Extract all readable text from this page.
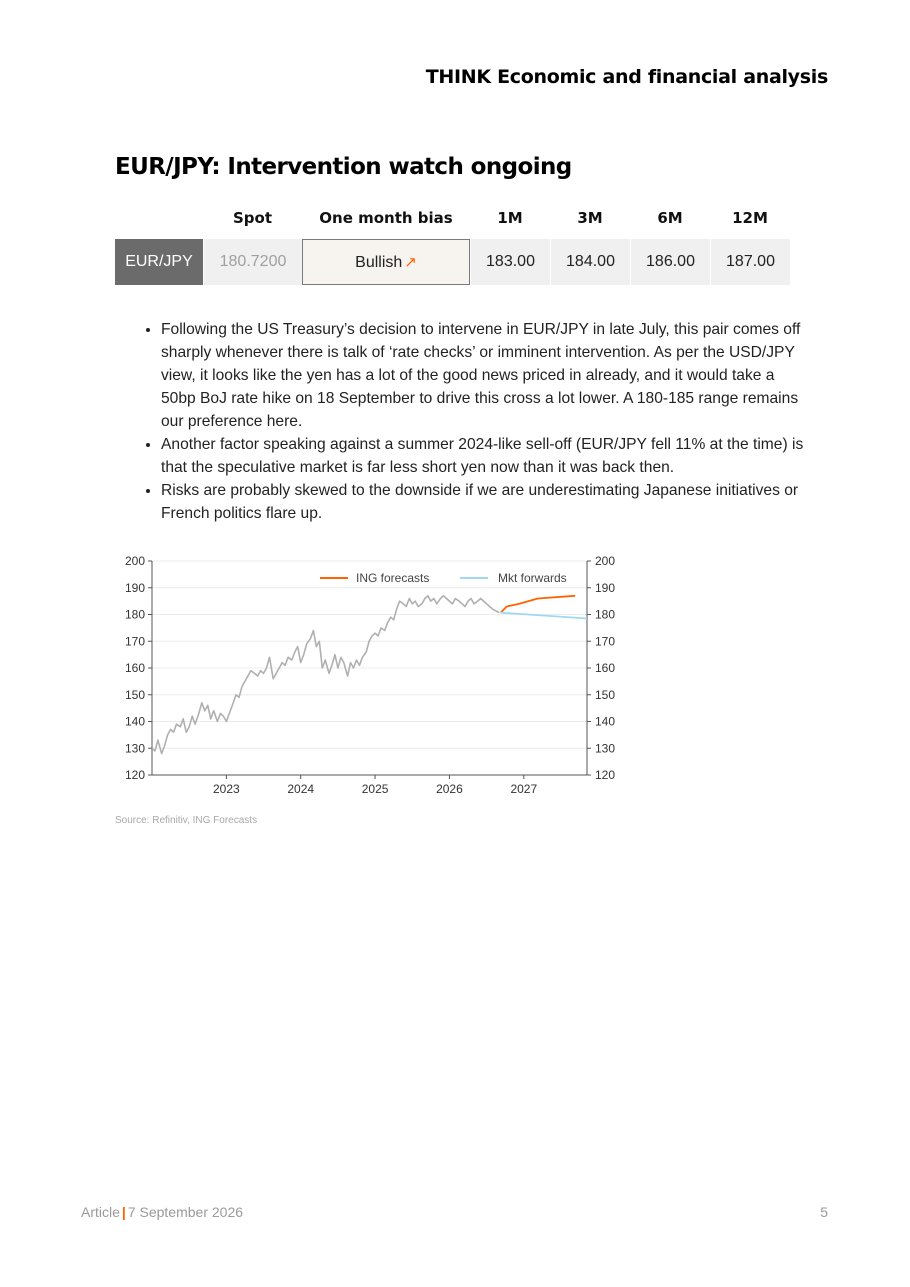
THINK Economic and financial analysis
EUR/JPY: Intervention watch ongoing
	Spot	One month bias	1M	3M	6M	12M
EUR/JPY	180.7200	Bullish ↗	183.00	184.00	186.00	187.00
• Following the US Treasury’s decision to intervene in EUR/JPY in late July, this pair comes off sharply whenever there is talk of ‘rate checks’ or imminent intervention. As per the USD/JPY view, it looks like the yen has a lot of the good news priced in already, and it would take a 50bp BoJ rate hike on 18 September to drive this cross a lot lower. A 180-185 range remains our preference here.
• Another factor speaking against a summer 2024-like sell-off (EUR/JPY fell 11% at the time) is that the speculative market is far less short yen now than it was back then.
• Risks are probably skewed to the downside if we are underestimating Japanese initiatives or French politics flare up.
120	120
130	130
140	140
150	150
160	160
170	170
180	180
190	190
200	200
2023	2024	2025	2026	2027
ING forecasts	Mkt forwards
Source: Refinitiv, ING Forecasts
Article | 7 September 2026	5
